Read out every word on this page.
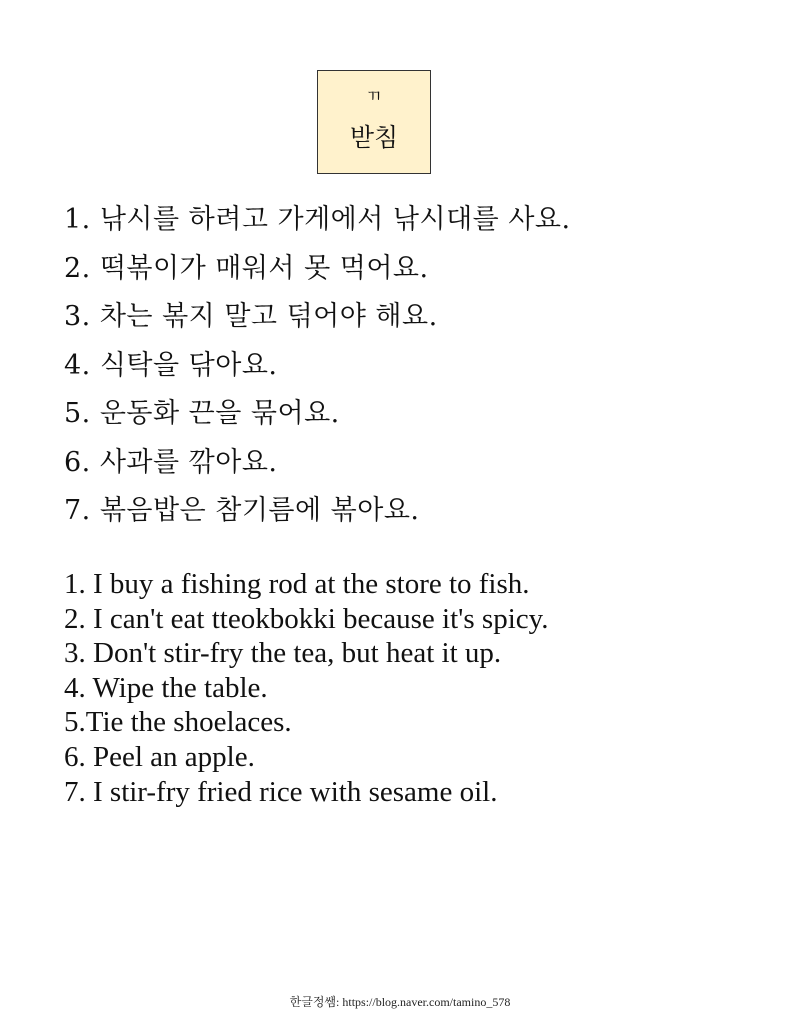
ㄲ
받침
1. 낚시를 하려고 가게에서 낚시대를 사요.
2. 떡볶이가 매워서 못 먹어요.
3. 차는 볶지 말고 덖어야 해요.
4. 식탁을 닦아요.
5. 운동화 끈을 묶어요.
6. 사과를 깎아요.
7. 볶음밥은 참기름에 볶아요.
1. I buy a fishing rod at the store to fish.
2. I can't eat tteokbokki because it's spicy.
3. Don't stir-fry the tea, but heat it up.
4. Wipe the table.
5.Tie the shoelaces.
6. Peel an apple.
7. I stir-fry fried rice with sesame oil.
한글정쌤: https://blog.naver.com/tamino_578
